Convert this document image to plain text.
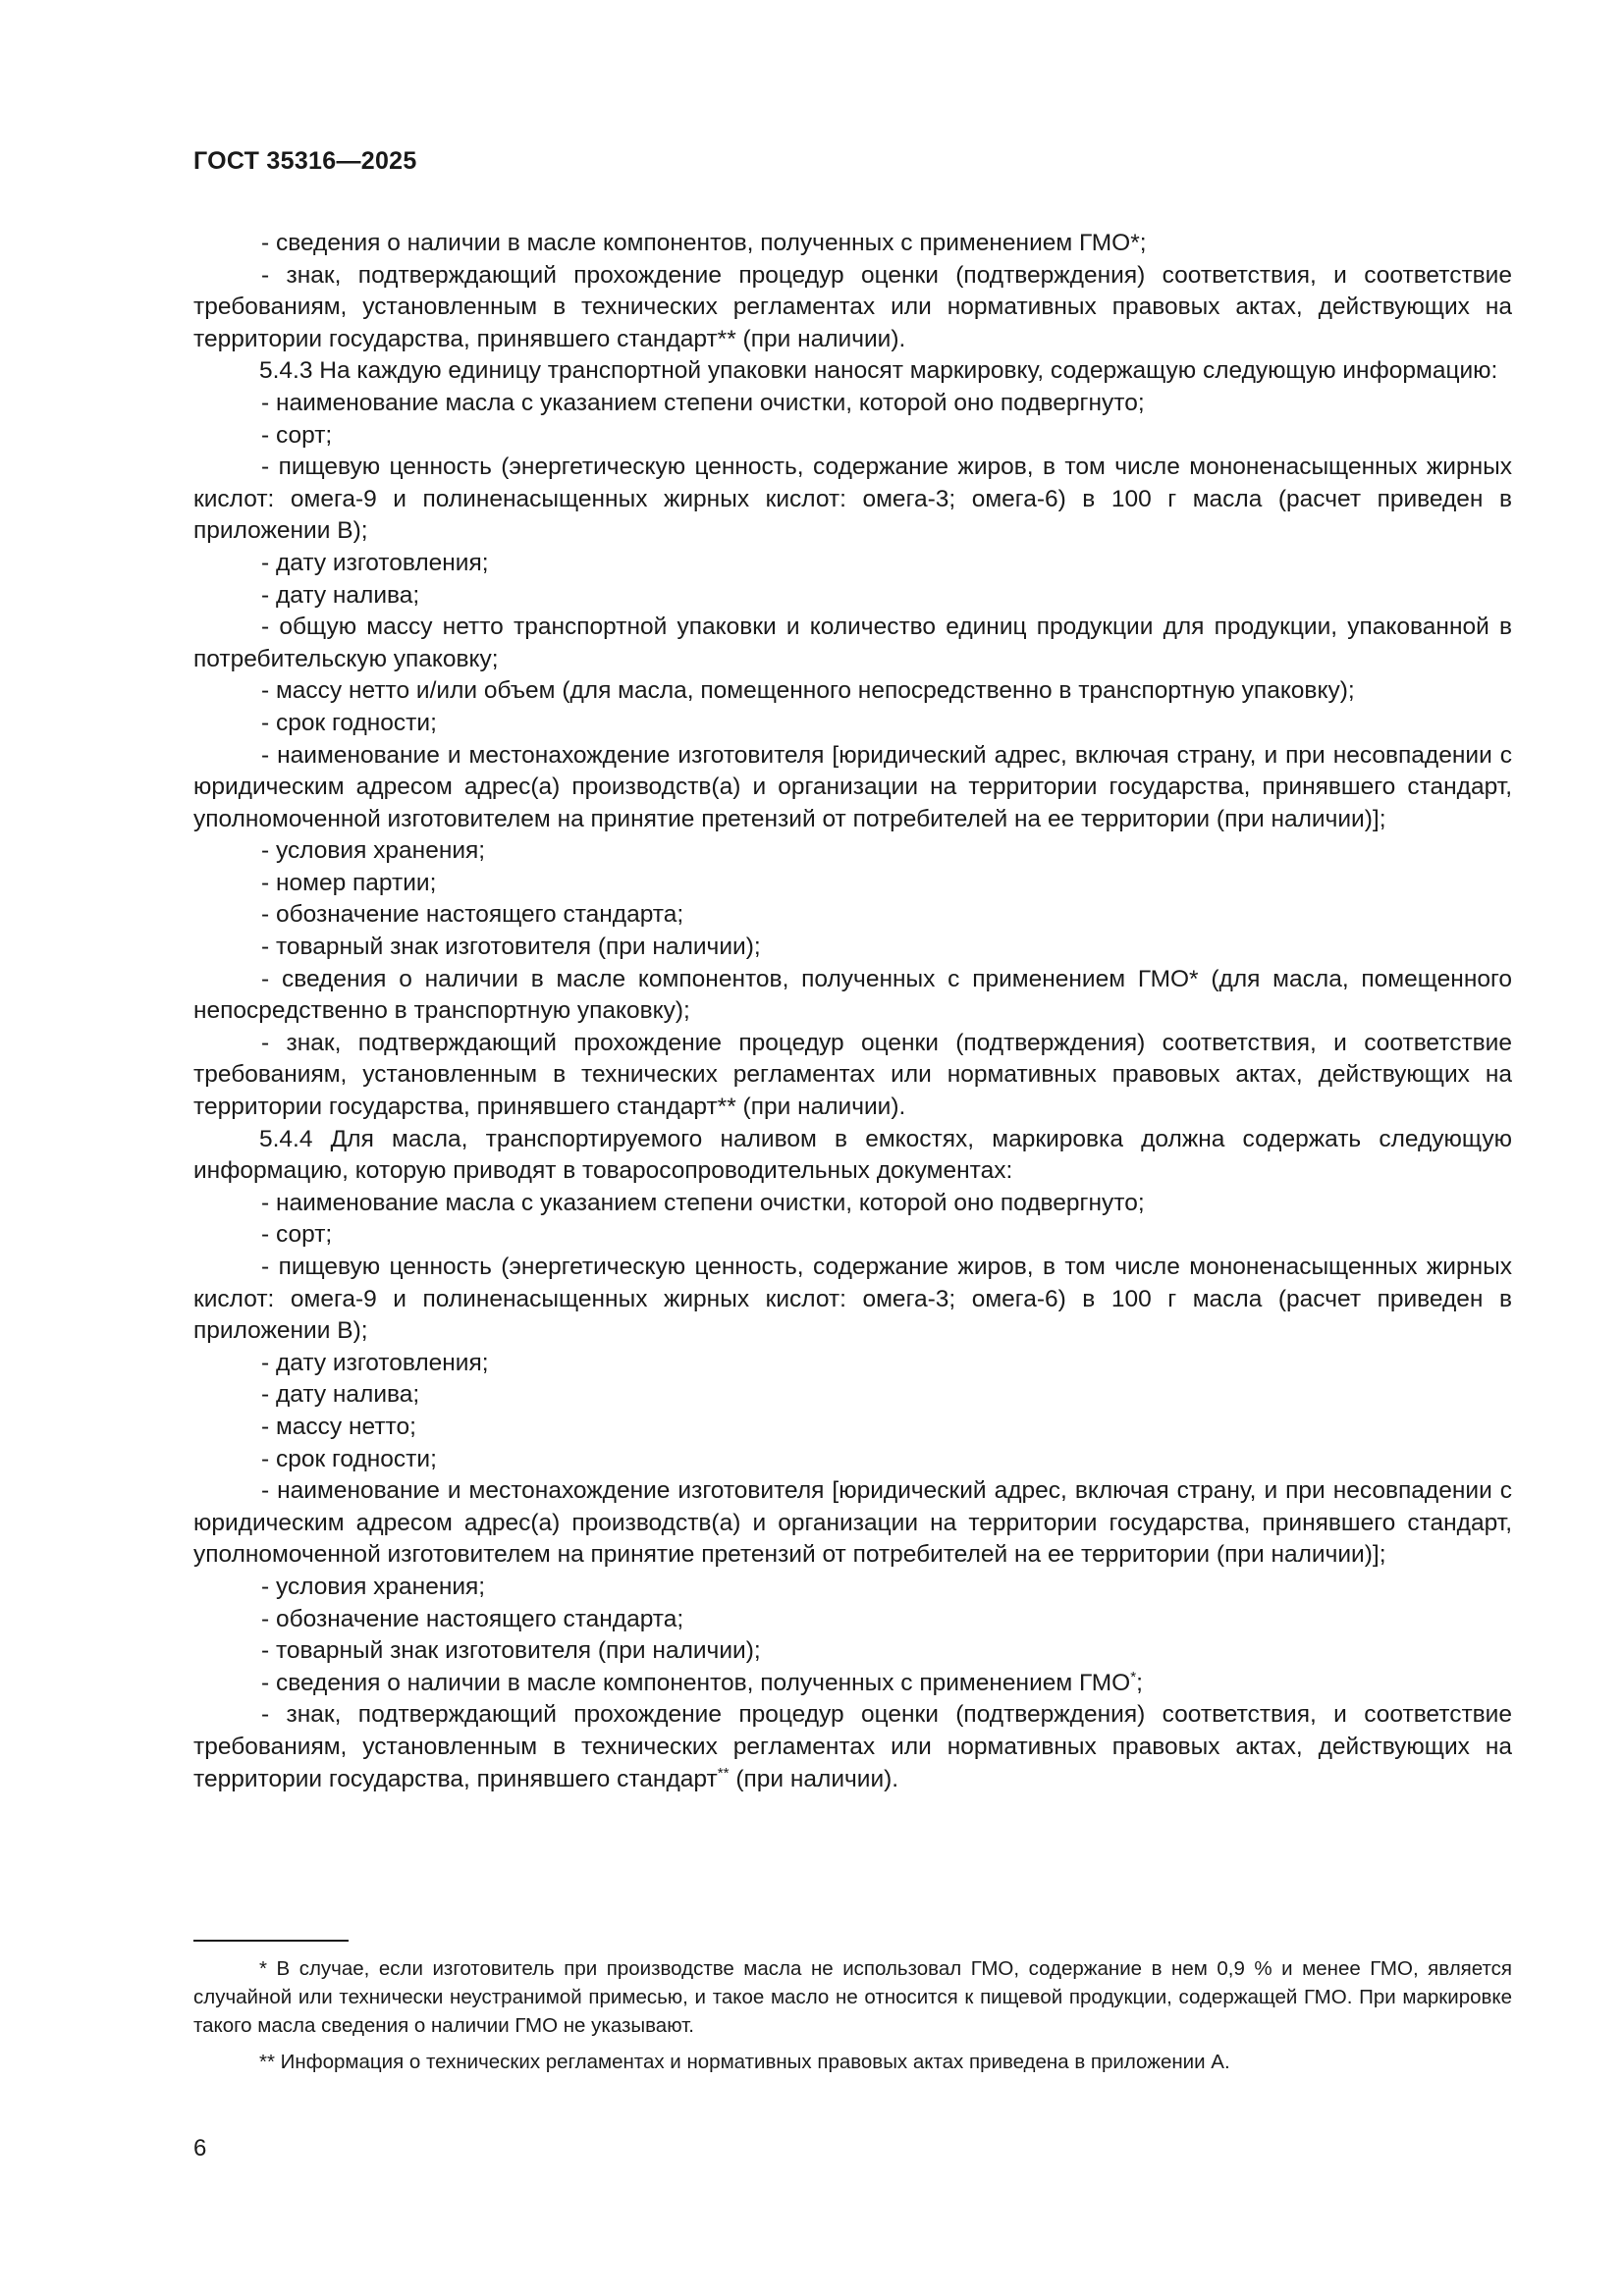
ГОСТ 35316—2025

- сведения о наличии в масле компонентов, полученных с применением ГМО*;

- знак, подтверждающий прохождение процедур оценки (подтверждения) соответствия, и соответствие требованиям, установленным в технических регламентах или нормативных правовых актах, действующих на территории государства, принявшего стандарт** (при наличии).

5.4.3 На каждую единицу транспортной упаковки наносят маркировку, содержащую следующую информацию:

- наименование масла с указанием степени очистки, которой оно подвергнуто;

- сорт;

- пищевую ценность (энергетическую ценность, содержание жиров, в том числе мононенасыщенных жирных кислот: омега-9 и полиненасыщенных жирных кислот: омега-3; омега-6) в 100 г масла (расчет приведен в приложении В);

- дату изготовления;

- дату налива;

- общую массу нетто транспортной упаковки и количество единиц продукции для продукции, упакованной в потребительскую упаковку;

- массу нетто и/или объем (для масла, помещенного непосредственно в транспортную упаковку);

- срок годности;

- наименование и местонахождение изготовителя [юридический адрес, включая страну, и при несовпадении с юридическим адресом адрес(а) производств(а) и организации на территории государства, принявшего стандарт, уполномоченной изготовителем на принятие претензий от потребителей на ее территории (при наличии)];

- условия хранения;

- номер партии;

- обозначение настоящего стандарта;

- товарный знак изготовителя (при наличии);

- сведения о наличии в масле компонентов, полученных с применением ГМО* (для масла, помещенного непосредственно в транспортную упаковку);

- знак, подтверждающий прохождение процедур оценки (подтверждения) соответствия, и соответствие требованиям, установленным в технических регламентах или нормативных правовых актах, действующих на территории государства, принявшего стандарт** (при наличии).

5.4.4 Для масла, транспортируемого наливом в емкостях, маркировка должна содержать следующую информацию, которую приводят в товаросопроводительных документах:

- наименование масла с указанием степени очистки, которой оно подвергнуто;

- сорт;

- пищевую ценность (энергетическую ценность, содержание жиров, в том числе мононенасыщенных жирных кислот: омега-9 и полиненасыщенных жирных кислот: омега-3; омега-6) в 100 г масла (расчет приведен в приложении В);

- дату изготовления;

- дату налива;

- массу нетто;

- срок годности;

- наименование и местонахождение изготовителя [юридический адрес, включая страну, и при несовпадении с юридическим адресом адрес(а) производств(а) и организации на территории государства, принявшего стандарт, уполномоченной изготовителем на принятие претензий от потребителей на ее территории (при наличии)];

- условия хранения;

- обозначение настоящего стандарта;

- товарный знак изготовителя (при наличии);

- сведения о наличии в масле компонентов, полученных с применением ГМО*;

- знак, подтверждающий прохождение процедур оценки (подтверждения) соответствия, и соответствие требованиям, установленным в технических регламентах или нормативных правовых актах, действующих на территории государства, принявшего стандарт** (при наличии).

* В случае, если изготовитель при производстве масла не использовал ГМО, содержание в нем 0,9 % и менее ГМО, является случайной или технически неустранимой примесью, и такое масло не относится к пищевой продукции, содержащей ГМО. При маркировке такого масла сведения о наличии ГМО не указывают.

** Информация о технических регламентах и нормативных правовых актах приведена в приложении А.

6
